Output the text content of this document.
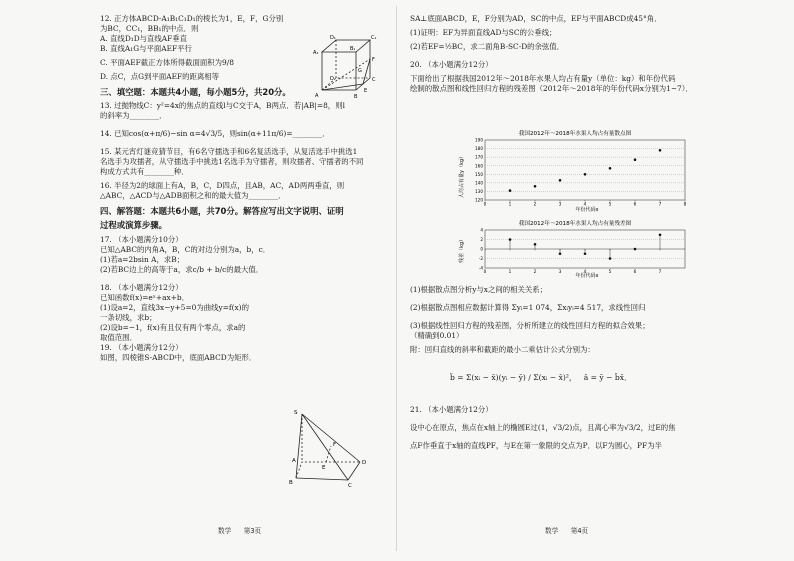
12. 正方体ABCD-A₁B₁C₁D₁的棱长为1，E，F，G分别

为BC，CC₁，BB₁的中点．则

A. 直线D₁D与直线AF垂直

B. 直线A₁G与平面AEF平行

C. 平面AEF截正方体所得截面面积为9/8

D. 点C，点G到平面AEF的距离相等

三、填空题：本题共4小题，每小题5分，共20分。

13. 过抛物线C：y²=4x的焦点的直线l与C交于A，B两点．若|AB|=8，则l

的斜率为________．

14. 已知cos(α+π/6)−sin α=4√3/5，则sin(α+11π/6)=________．

15. 某元宵灯谜竞猜节目，有6名守擂选手和6名复活选手，从复活选手中挑选1

名选手为攻擂者，从守擂选手中挑选1名选手为守擂者，则攻擂者、守擂者的不同

构成方式共有________种．

16. 半径为2的球面上有A，B，C，D四点，且AB，AC，AD两两垂直，则

△ABC，△ACD与△ADB面积之和的最大值为________．

四、解答题：本题共6小题，共70分。解答应写出文字说明、证明

过程或演算步骤。

17. （本小题满分10分）

已知△ABC的内角A，B，C的对边分别为a，b，c．

(1)若a=2bsin A，求B；

(2)若BC边上的高等于a，求c/b + b/c的最大值．

18. （本小题满分12分）

已知函数f(x)=eˣ+ax+b．

(1)设a=2，直线3x−y+5=0为曲线y=f(x)的

一条切线，求b；

(2)设b=−1，f(x)有且仅有两个零点，求a的

取值范围．

19. （本小题满分12分）

如图，四棱锥S-ABCD中，底面ABCD为矩形．

D₁	C₁
A₁
B₁
D	C
A	B
E
F
G
S
A
B	C
D
E
F
数学 第3页

SA⊥底面ABCD，E，F分别为AD，SC的中点，EF与平面ABCD成45°角．

(1)证明：EF为异面直线AD与SC的公垂线；

(2)若EF=½BC，求二面角B-SC-D的余弦值．

20. （本小题满分12分）

下面给出了根据我国2012年～2018年水果人均占有量y（单位：kg）和年份代码

绘制的散点图和线性回归方程的残差图（2012年～2018年的年份代码x分别为1~7）．

我国2012年～2018年水果人均占有量散点图
人均占有量y（kg）
年份代码x
120
130
140
150
160
170
180
190
0	1	2	3	4	5	6	7	8
我国2012年～2018年水果人均占有量残差图
残差（kg）
年份代码x
4
2
0
-2
-4
0	1	2	3	4	5	6	7

(1)根据散点图分析y与x之间的相关关系；

(2)根据散点图相应数据计算得 Σyᵢ=1 074，Σxᵢyᵢ=4 517，求线性回归

(3)根据线性回归方程的残差图，分析所建立的线性回归方程的拟合效果；

（精确到0.01）

附：回归直线的斜率和截距的最小二乘估计公式分别为：

b̂ = Σ(xᵢ − x̄)(yᵢ − ȳ) / Σ(xᵢ − x̄)²，   â = ȳ − b̂x̄．

21. （本小题满分12分）

设中心在原点，焦点在x轴上的椭圆E过(1，√3/2)点，且离心率为√3/2，过E的焦

点F作垂直于x轴的直线PF，与E在第一象限的交点为P．以F为圆心，PF为半

数学 第4页
